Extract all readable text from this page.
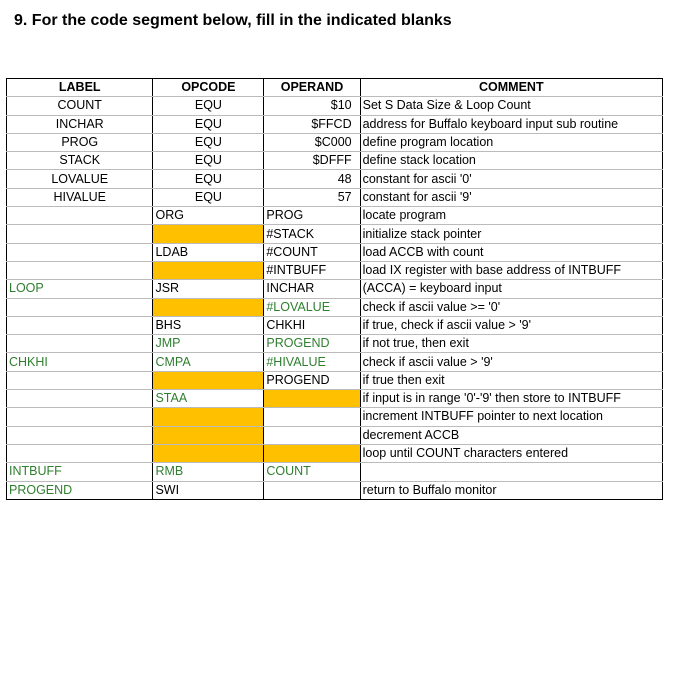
9. For the code segment below, fill in the indicated blanks
LABEL	OPCODE	OPERAND	COMMENT
COUNT	EQU	$10	Set S Data Size & Loop Count
INCHAR	EQU	$FFCD	address for Buffalo keyboard input sub routine
PROG	EQU	$C000	define program location
STACK	EQU	$DFFF	define stack location
LOVALUE	EQU	48	constant for ascii '0'
HIVALUE	EQU	57	constant for ascii '9'
	ORG	PROG	locate program
		#STACK	initialize stack pointer
	LDAB	#COUNT	load ACCB with count
		#INTBUFF	load IX register with base address of INTBUFF
LOOP	JSR	INCHAR	(ACCA) = keyboard input
		#LOVALUE	check if ascii value >= '0'
	BHS	CHKHI	if true, check if ascii value > '9'
	JMP	PROGEND	if not true, then exit
CHKHI	CMPA	#HIVALUE	check if ascii value > '9'
		PROGEND	if true then exit
	STAA		if input is in range '0'-'9' then store to INTBUFF
			increment INTBUFF pointer to next location
			decrement ACCB
			loop until COUNT characters entered
INTBUFF	RMB	COUNT	
PROGEND	SWI		return to Buffalo monitor
